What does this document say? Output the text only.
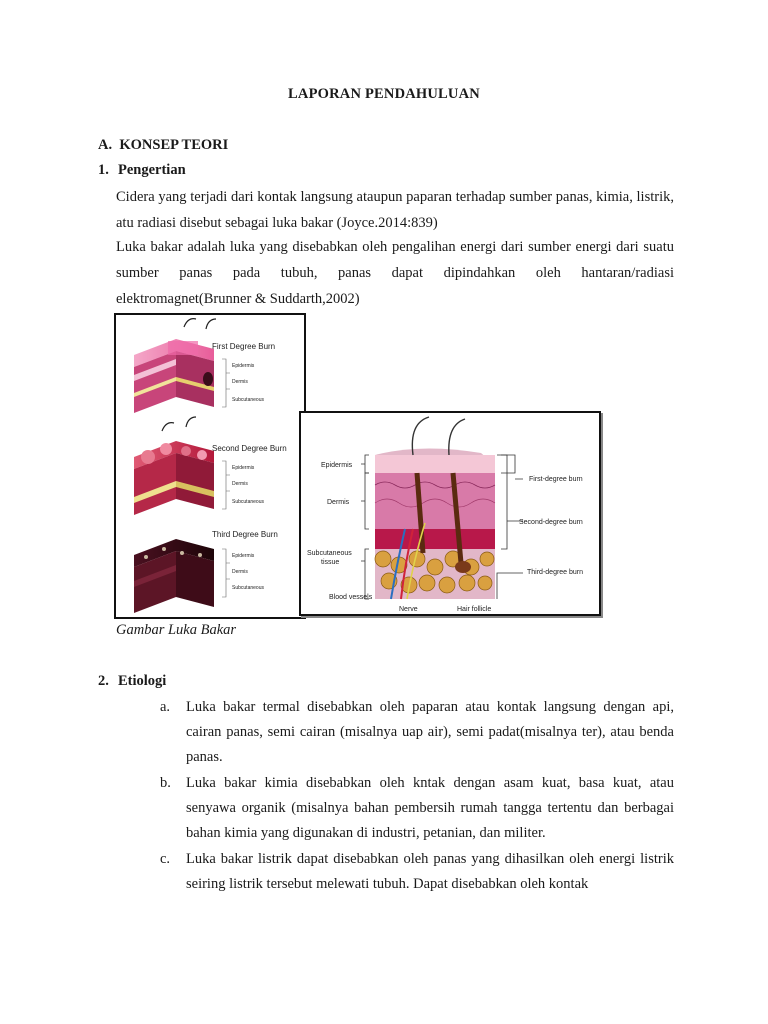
LAPORAN PENDAHULUAN
A. KONSEP TEORI
1. Pengertian
Cidera yang terjadi dari kontak langsung ataupun paparan terhadap sumber panas, kimia, listrik, atu radiasi disebut sebagai luka bakar (Joyce.2014:839)
Luka bakar adalah luka yang disebabkan oleh pengalihan energi dari sumber energi dari suatu sumber panas pada tubuh, panas dapat dipindahkan oleh hantaran/radiasi elektromagnet(Brunner & Suddarth,2002)
First Degree Burn
Epidermis
Dermis
Subcutaneous
Second Degree Burn
Epidermis
Dermis
Subcutaneous
Third Degree Burn
Epidermis
Dermis
Subcutaneous
Epidermis
Dermis
Subcutaneous
tissue
Blood vessels
First-degree burn
Second-degree burn
Third-degree burn
Nerve	Hair follicle
Gambar Luka Bakar
2. Etiologi
a. Luka bakar termal disebabkan oleh paparan atau kontak langsung dengan api, cairan panas, semi cairan (misalnya uap air), semi padat(misalnya ter), atau benda panas.
b. Luka bakar kimia disebabkan oleh kntak dengan asam kuat, basa kuat, atau senyawa organik (misalnya bahan pembersih rumah tangga tertentu dan berbagai bahan kimia yang digunakan di industri, petanian, dan militer.
c. Luka bakar listrik dapat disebabkan oleh panas yang dihasilkan oleh energi listrik seiring listrik tersebut melewati tubuh. Dapat disebabkan oleh kontak
